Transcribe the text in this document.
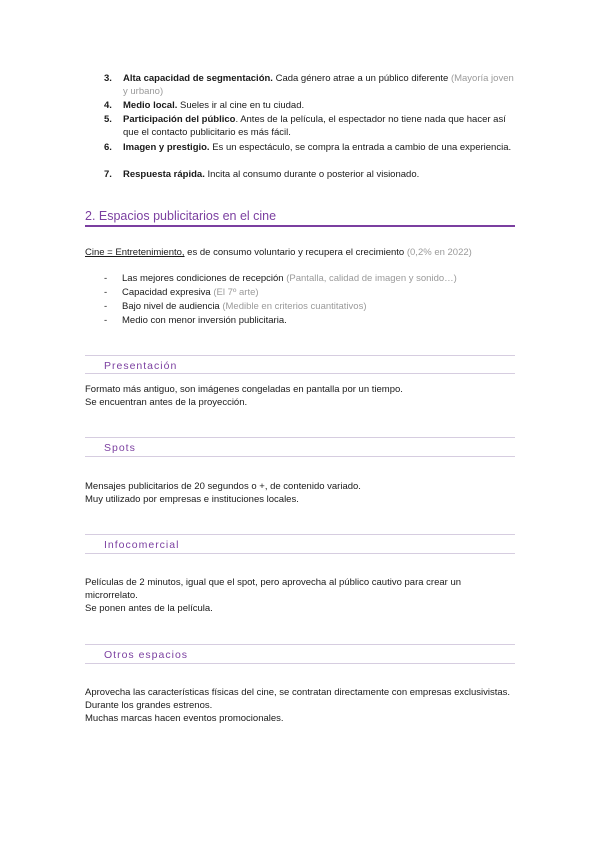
3. Alta capacidad de segmentación. Cada género atrae a un público diferente (Mayoría joven y urbano)
4. Medio local. Sueles ir al cine en tu ciudad.
5. Participación del público. Antes de la película, el espectador no tiene nada que hacer así que el contacto publicitario es más fácil.
6. Imagen y prestigio. Es un espectáculo, se compra la entrada a cambio de una experiencia.
7. Respuesta rápida. Incita al consumo durante o posterior al visionado.
2. Espacios publicitarios en el cine
Cine = Entretenimiento, es de consumo voluntario y recupera el crecimiento (0,2% en 2022)
-	Las mejores condiciones de recepción (Pantalla, calidad de imagen y sonido…)
-	Capacidad expresiva (El 7º arte)
-	Bajo nivel de audiencia (Medible en criterios cuantitativos)
-	Medio con menor inversión publicitaria.
Presentación
Formato más antiguo, son imágenes congeladas en pantalla por un tiempo.
Se encuentran antes de la proyección.
Spots
Mensajes publicitarios de 20 segundos o +, de contenido variado.
Muy utilizado por empresas e instituciones locales.
Infocomercial
Películas de 2 minutos, igual que el spot, pero aprovecha al público cautivo para crear un microrrelato.
Se ponen antes de la película.
Otros espacios
Aprovecha las características físicas del cine, se contratan directamente con empresas exclusivistas.
Durante los grandes estrenos.
Muchas marcas hacen eventos promocionales.
